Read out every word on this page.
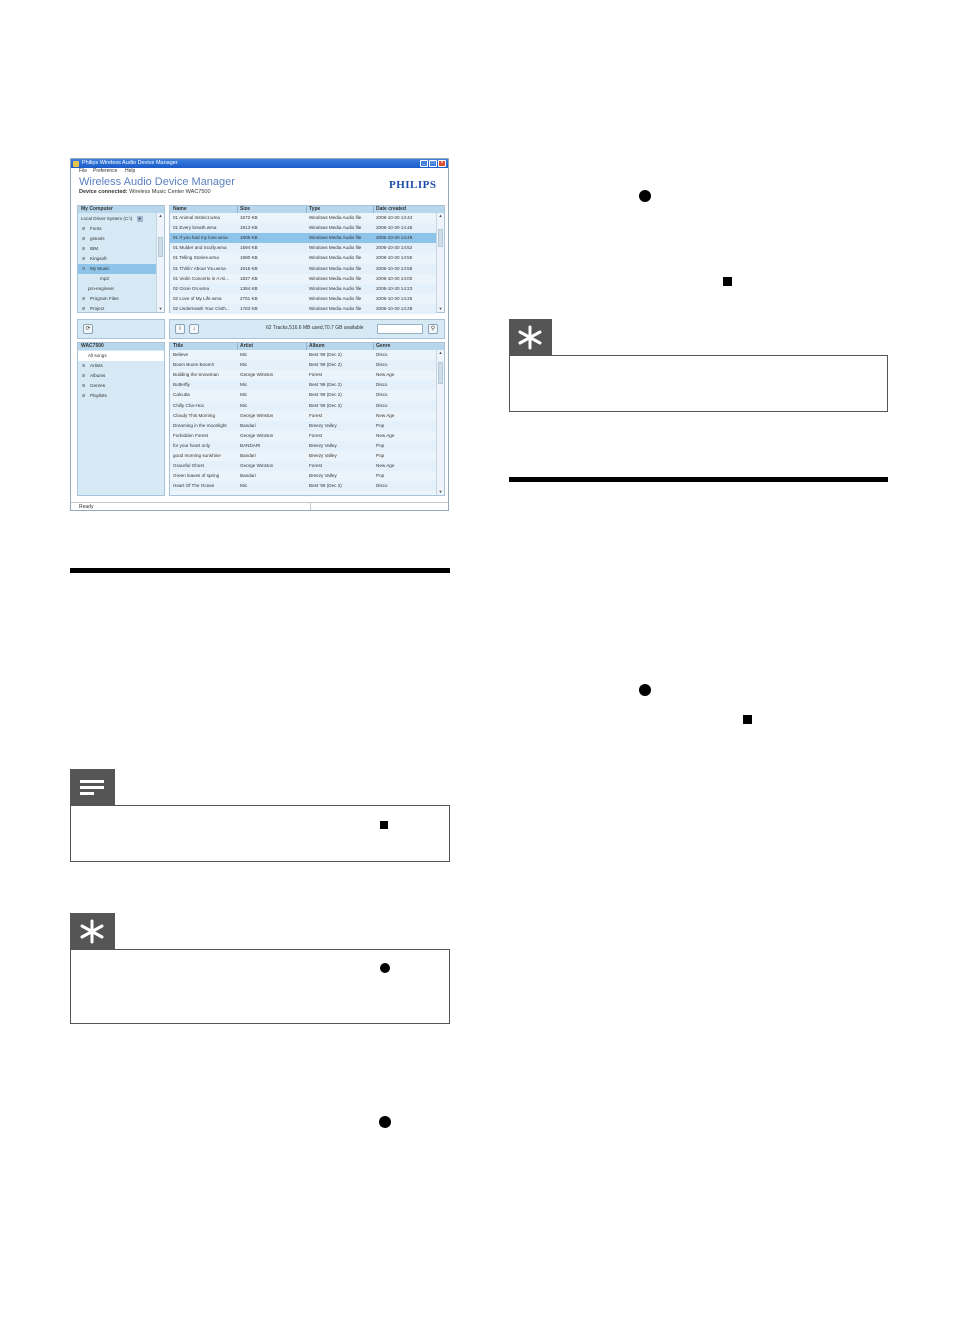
Philips Wireless Audio Device Manager	_	□	×
File Preference Help
Wireless Audio Device Manager
Device connected: Wireless Music Center WAC7500
PHILIPS
My Computer
Local Driver System (C:\) ▼
⊞ Fonts
⊞ gstools
⊞ IBM
⊞ Kingsoft
⊟ My Music
mp3
pro-engineer
⊞ Program Files
⊞ Project
▲
▼
Name	Size	Type	Date created
01 Animal Instinct.wma	1672 KB	Windows Media Audio file	2006-10-30 14:44
01 Every breath.wma	1913 KB	Windows Media Audio file	2006-10-30 14:46
01 If you had my love.wma	1806 KB	Windows Media Audio file	2006-10-30 14:49
01 Mulder and Scully.wma	1594 KB	Windows Media Audio file	2006-10-30 14:52
01 Telling Stories.wma	1880 KB	Windows Media Audio file	2006-10-30 14:55
01 Thrilin' About You.wma	1615 KB	Windows Media Audio file	2006-10-30 14:58
01 Violin Concerto in A mi...	1827 KB	Windows Media Audio file	2006-10-30 14:00
02 Gone On.wma	1384 KB	Windows Media Audio file	2006-10-30 14:23
02 Love of My Life.wma	2751 KB	Windows Media Audio file	2006-10-30 14:25
02 Underneath Your Cloth...	1783 KB	Windows Media Audio file	2006-10-30 14:28
▲
▼
⟳	i	↓	62 Tracks,516.6 MB used,70.7 GB available	⚲
WAC7500
All songs
⊞ Artists
⊞ Albums
⊞ Genres
⊞ Playlists
Title	Artist	Album	Genre
Believe	Mic	Best '99 (Dec 2)	Disco
Boom Boom Boom!!	Mic	Best '99 (Dec 2)	Disco
Building the Snowman	George Winston	Forest	New Age
Butterfly	Mic	Best '99 (Dec 2)	Disco
Calcutta	Mic	Best '99 (Dec 2)	Disco
Chilly Cha-Hca	Mic	Best '99 (Dec 2)	Disco
Cloudy This Morning	George Winston	Forest	New Age
Dreaming in the moonlight	Bandari	Breezy Valley	Pop
Forbidden Forest	George Winston	Forest	New Age
for your heart only	BANDARI	Breezy Valley	Pop
good morning sunshine	Bandari	Breezy Valley	Pop
Graceful Ghost	George Winston	Forest	New Age
Green leaves of spring	Bandari	Breezy Valley	Pop
Heart Of The Ocean	Mic	Best '99 (Dec 2)	Disco
▲
▼
Ready
